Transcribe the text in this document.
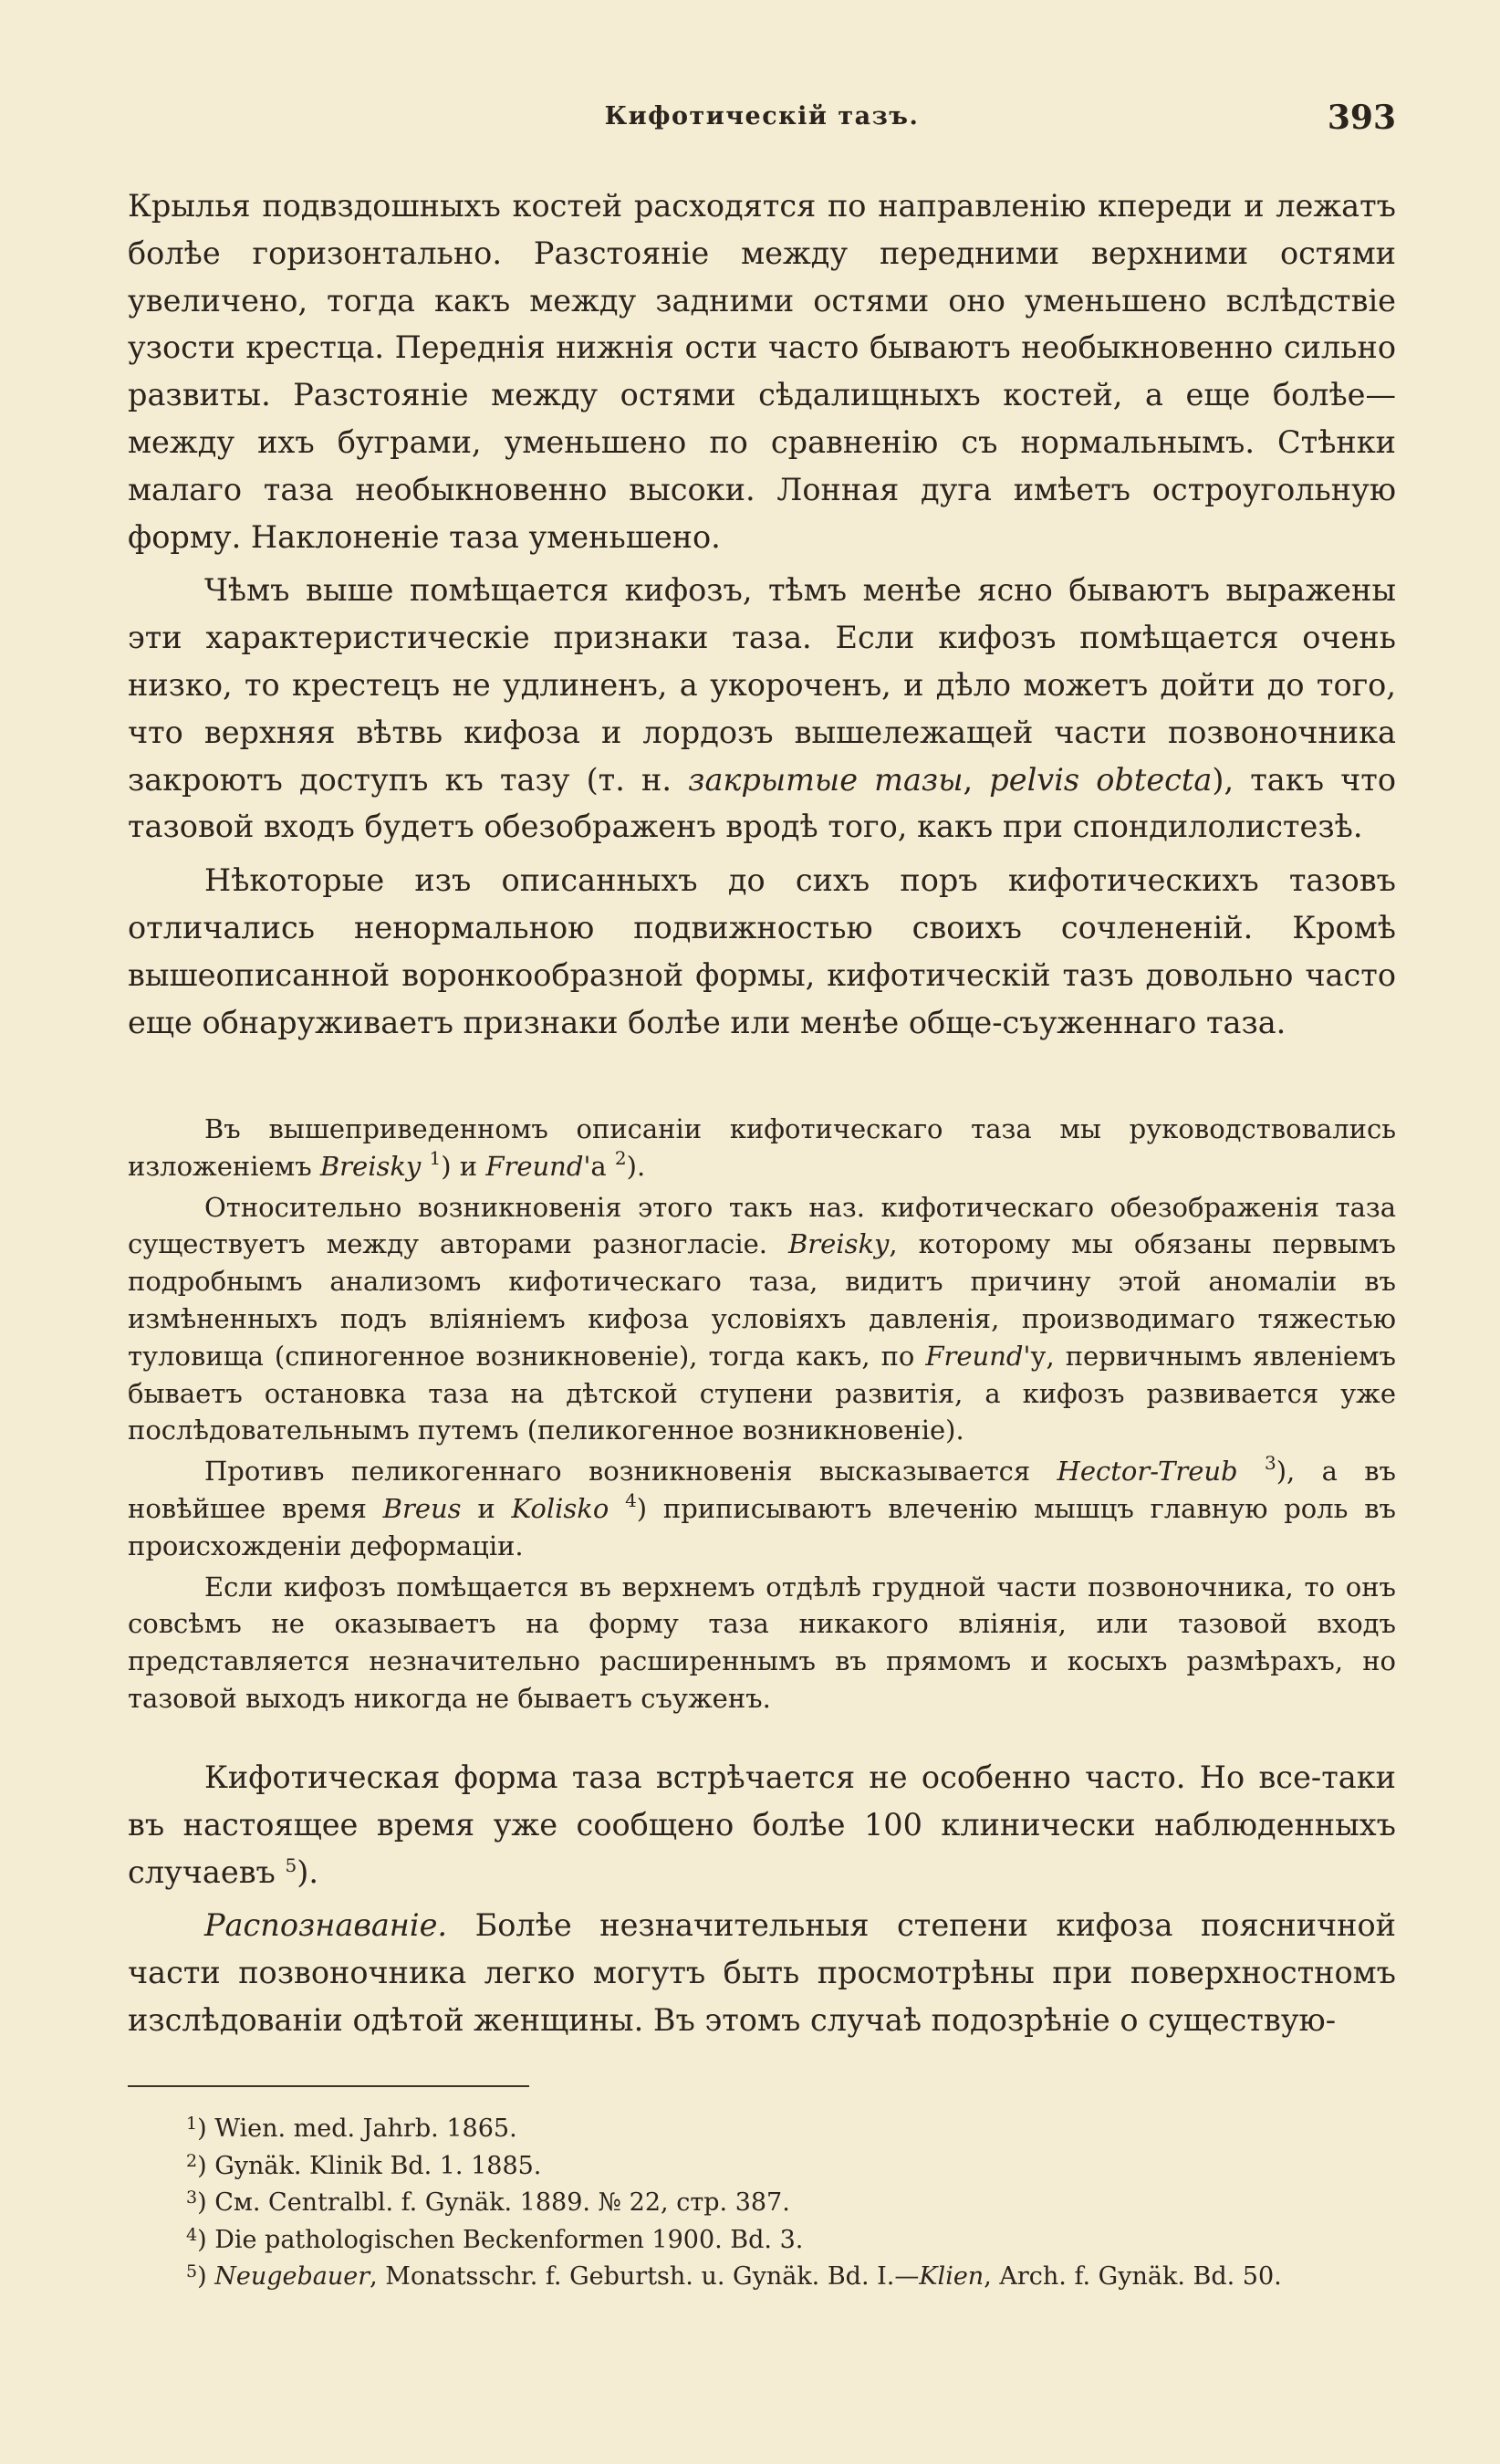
Кифотическій тазъ.	393

Крылья подвздошныхъ костей расходятся по направленію кпереди и лежатъ болѣе горизонтально. Разстояніе между передними верхними остями увеличено, тогда какъ между задними остями оно уменьшено вслѣдствіе узости крестца. Переднія нижнія ости часто бываютъ необыкновенно сильно развиты. Разстояніе между остями сѣдалищныхъ костей, а еще болѣе—между ихъ буграми, уменьшено по сравненію съ нормальнымъ. Стѣнки малаго таза необыкновенно высоки. Лонная дуга имѣетъ остроугольную форму. Наклоненіе таза уменьшено.

Чѣмъ выше помѣщается кифозъ, тѣмъ менѣе ясно бываютъ выражены эти характеристическіе признаки таза. Если кифозъ помѣщается очень низко, то крестецъ не удлиненъ, а укороченъ, и дѣло можетъ дойти до того, что верхняя вѣтвь кифоза и лордозъ вышележащей части позвоночника закроютъ доступъ къ тазу (т. н. закрытые тазы, pelvis obtecta), такъ что тазовой входъ будетъ обезображенъ вродѣ того, какъ при спондилолистезѣ.

Нѣкоторые изъ описанныхъ до сихъ поръ кифотическихъ тазовъ отличались ненормальною подвижностью своихъ сочлененій. Кромѣ вышеописанной воронкообразной формы, кифотическій тазъ довольно часто еще обнаруживаетъ признаки болѣе или менѣе обще-съуженнаго таза.

Въ вышеприведенномъ описаніи кифотическаго таза мы руководствовались изложеніемъ Breisky $^1$) и Freund'а $^2$).

Относительно возникновенія этого такъ наз. кифотическаго обезображенія таза существуетъ между авторами разногласіе. Breisky, которому мы обязаны первымъ подробнымъ анализомъ кифотическаго таза, видитъ причину этой аномаліи въ измѣненныхъ подъ вліяніемъ кифоза условіяхъ давленія, производимаго тяжестью туловища (спиногенное возникновеніе), тогда какъ, по Freund'у, первичнымъ явленіемъ бываетъ остановка таза на дѣтской ступени развитія, а кифозъ развивается уже послѣдовательнымъ путемъ (пеликогенное возникновеніе).

Противъ пеликогеннаго возникновенія высказывается Hector-Treub $^3$), а въ новѣйшее время Breus и Kolisko $^4$) приписываютъ влеченію мышцъ главную роль въ происхожденіи деформаціи.

Если кифозъ помѣщается въ верхнемъ отдѣлѣ грудной части позвоночника, то онъ совсѣмъ не оказываетъ на форму таза никакого вліянія, или тазовой входъ представляется незначительно расширеннымъ въ прямомъ и косыхъ размѣрахъ, но тазовой выходъ никогда не бываетъ съуженъ.

Кифотическая форма таза встрѣчается не особенно часто. Но все-таки въ настоящее время уже сообщено болѣе 100 клинически наблюденныхъ случаевъ $^5$).

Распознаваніе. Болѣе незначительныя степени кифоза поясничной части позвоночника легко могутъ быть просмотрѣны при поверхностномъ изслѣдованіи одѣтой женщины. Въ этомъ случаѣ подозрѣніе о существую-

$^1$) Wien. med. Jahrb. 1865.
$^2$) Gynäk. Klinik Bd. 1. 1885.
$^3$) См. Centralbl. f. Gynäk. 1889. № 22, стр. 387.
$^4$) Die pathologischen Beckenformen 1900. Bd. 3.
$^5$) Neugebauer, Monatsschr. f. Geburtsh. u. Gynäk. Bd. I.—Klien, Arch. f. Gynäk. Bd. 50.
